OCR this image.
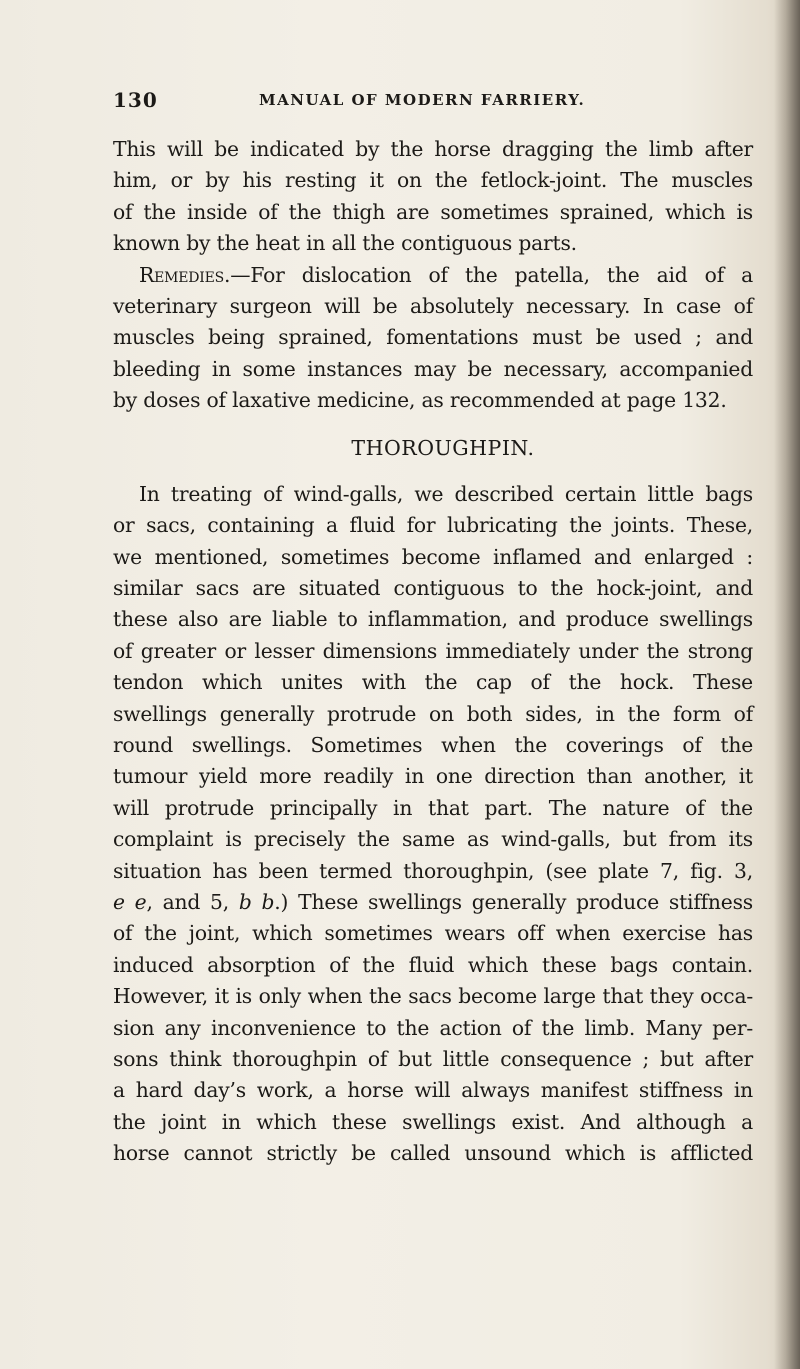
130	MANUAL OF MODERN FARRIERY.
This will be indicated by the horse dragging the limb after
him, or by his resting it on the fetlock-joint. The muscles
of the inside of the thigh are sometimes sprained, which is
known by the heat in all the contiguous parts.
Remedies.—For dislocation of the patella, the aid of a
veterinary surgeon will be absolutely necessary. In case of
muscles being sprained, fomentations must be used ; and
bleeding in some instances may be necessary, accompanied
by doses of laxative medicine, as recommended at page 132.
THOROUGHPIN.
In treating of wind-galls, we described certain little bags
or sacs, containing a fluid for lubricating the joints. These,
we mentioned, sometimes become inflamed and enlarged :
similar sacs are situated contiguous to the hock-joint, and
these also are liable to inflammation, and produce swellings
of greater or lesser dimensions immediately under the strong
tendon which unites with the cap of the hock. These
swellings generally protrude on both sides, in the form of
round swellings. Sometimes when the coverings of the
tumour yield more readily in one direction than another, it
will protrude principally in that part. The nature of the
complaint is precisely the same as wind-galls, but from its
situation has been termed thoroughpin, (see plate 7, fig. 3,
e e, and 5, b b.) These swellings generally produce stiffness
of the joint, which sometimes wears off when exercise has
induced absorption of the fluid which these bags contain.
However, it is only when the sacs become large that they occa-
sion any inconvenience to the action of the limb. Many per-
sons think thoroughpin of but little consequence ; but after
a hard day’s work, a horse will always manifest stiffness in
the joint in which these swellings exist. And although a
horse cannot strictly be called unsound which is afflicted
